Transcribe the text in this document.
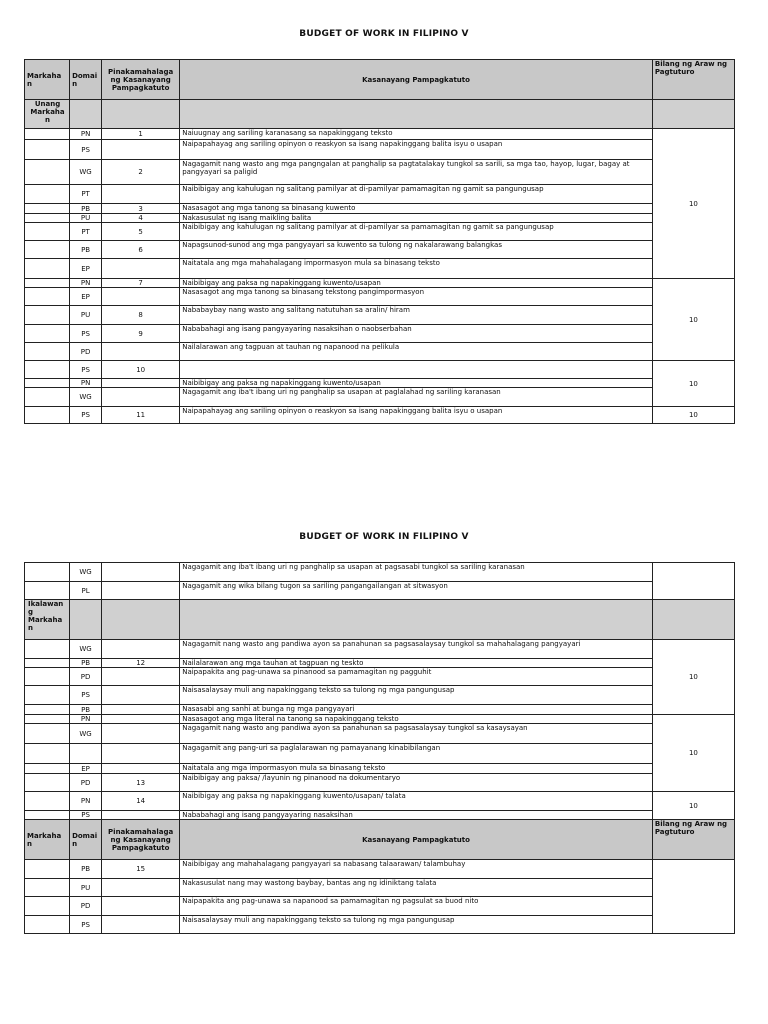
BUDGET OF WORK IN FILIPINO V
Markaha n	Domai n	Pinakamahalaga ng Kasanayang Pampagkatuto	Kasanayang Pampagkatuto	Bilang ng Araw ng Pagtuturo
Unang Markaha n				
	PN	1	Naiuugnay ang sariling karanasang sa napakinggang teksto	10
	PS		Naipapahayag ang sariling opinyon o reaskyon sa isang napakinggang balita isyu o usapan	
	WG	2	Nagagamit nang wasto ang mga pangngalan at panghalip sa pagtatalakay tungkol sa sarili, sa mga tao, hayop, lugar, bagay at pangyayari sa paligid	
	PT		Naibibigay ang kahulugan ng salitang pamilyar at di-pamilyar pamamagitan ng gamit sa pangungusap	
	PB	3	Nasasagot ang mga tanong sa binasang kuwento	
	PU	4	Nakasusulat ng isang maikling balita	
	PT	5	Naibibigay ang kahulugan ng salitang pamilyar at di-pamilyar sa pamamagitan ng gamit sa pangungusap	
	PB	6	Napagsunod-sunod ang mga pangyayari sa kuwento sa tulong ng nakalarawang balangkas	
	EP		Naitatala ang mga mahahalagang impormasyon mula sa binasang teksto	
	PN	7	Naibibigay ang paksa ng napakinggang kuwento/usapan	10
	EP		Nasasagot ang mga tanong sa binasang tekstong pangimpormasyon	
	PU	8	Nababaybay nang wasto ang salitang natutuhan sa aralin/ hiram	
	PS	9	Nababahagi ang isang pangyayaring nasaksihan o naobserbahan	
	PD		Nailalarawan ang tagpuan at tauhan ng napanood na pelikula	
	PS	10		10
	PN		Naibibigay ang paksa ng napakinggang kuwento/usapan	
	WG		Nagagamit ang iba't ibang uri ng panghalip sa usapan at paglalahad ng sariling karanasan	
	PS	11	Naipapahayag ang sariling opinyon o reaskyon sa isang napakinggang balita isyu o usapan	10
BUDGET OF WORK IN FILIPINO V
	WG		Nagagamit ang iba't ibang uri ng panghalip sa usapan at pagsasabi tungkol sa sariling karanasan	
	PL		Nagagamit ang wika bilang tugon sa sariling pangangailangan at sitwasyon	
Ikalawan g Markaha n				
	WG		Nagagamit nang wasto ang pandiwa ayon sa panahunan sa pagsasalaysay tungkol sa mahahalagang pangyayari	10
	PB	12	Nailalarawan ang mga tauhan at tagpuan ng teskto	
	PD		Naipapakita ang pag-unawa sa pinanood sa pamamagitan ng pagguhit	
	PS		Naisasalaysay muli ang napakinggang teksto sa tulong ng mga pangungusap	
	PB		Nasasabi ang sanhi at bunga ng mga pangyayari	
	PN		Nasasagot ang mga literal na tanong sa napakinggang teksto	10
	WG		Nagagamit nang wasto ang pandiwa ayon sa panahunan sa pagsasalaysay tungkol sa kasaysayan	
			Nagagamit ang pang-uri sa paglalarawan ng pamayanang kinabibilangan	
	EP		Naitatala ang mga impormasyon mula sa binasang teksto	
	PD	13	Naibibigay ang paksa/ /layunin ng pinanood na dokumentaryo	
	PN	14	Naibibigay ang paksa ng napakinggang kuwento/usapan/ talata	10
	PS		Nababahagi ang isang pangyayaring nasaksihan	
Markaha n	Domai n	Pinakamahalaga ng Kasanayang Pampagkatuto	Kasanayang Pampagkatuto	Bilang ng Araw ng Pagtuturo
	PB	15	Naibibigay ang mahahalagang pangyayari sa nabasang talaarawan/ talambuhay	
	PU		Nakasusulat nang may wastong baybay, bantas ang ng idiniktang talata	
	PD		Naipapakita ang pag-unawa sa napanood sa pamamagitan ng pagsulat sa buod nito	
	PS		Naisasalaysay muli ang napakinggang teksto sa tulong ng mga pangungusap	
